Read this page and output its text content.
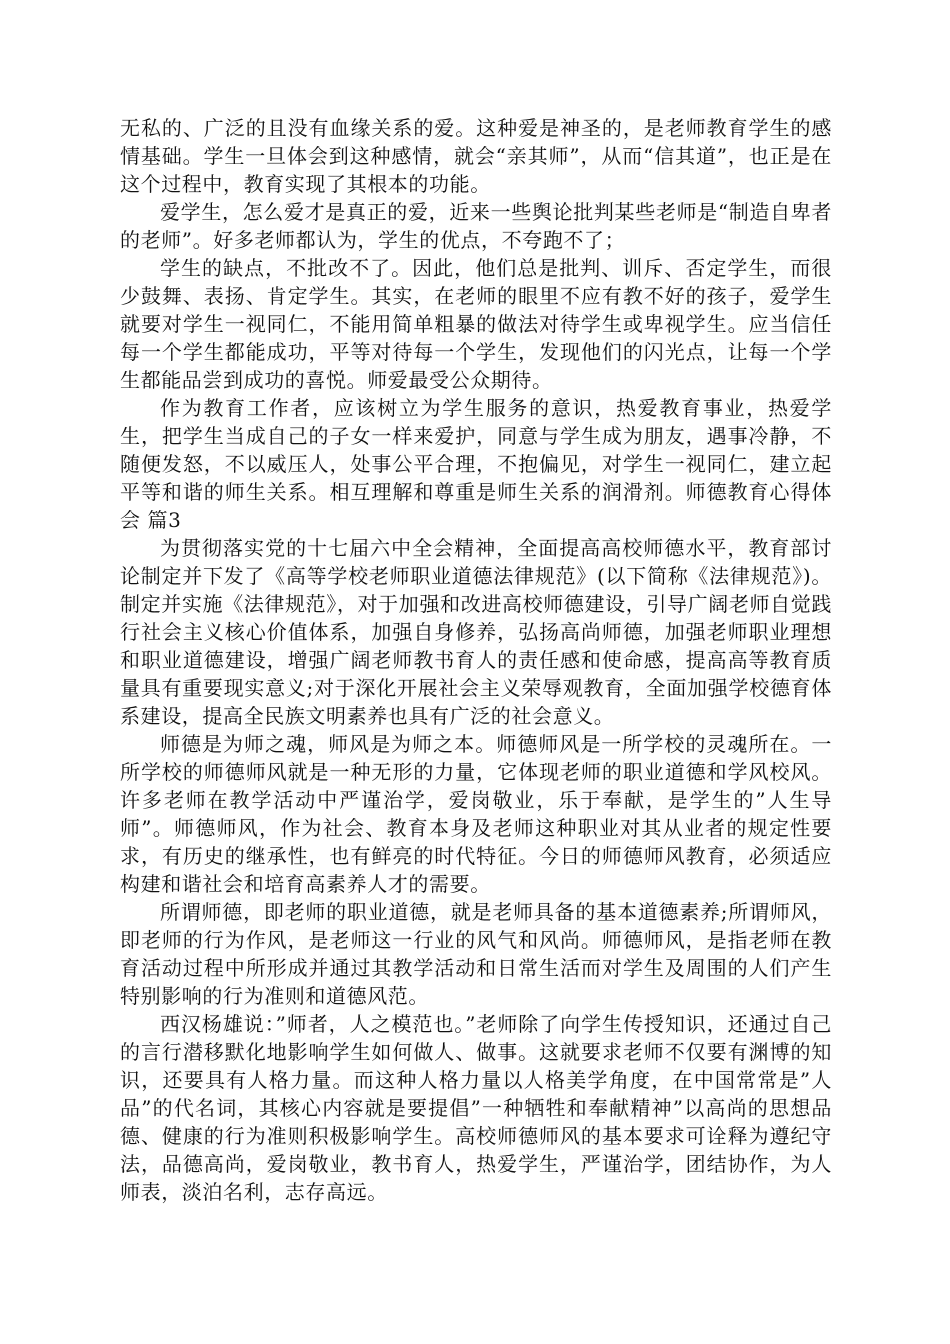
无私的、广泛的且没有血缘关系的爱。这种爱是神圣的，是老师教育学生的感情基础。学生一旦体会到这种感情，就会“亲其师”，从而“信其道”，也正是在这个过程中，教育实现了其根本的功能。

爱学生，怎么爱才是真正的爱，近来一些舆论批判某些老师是“制造自卑者的老师”。好多老师都认为，学生的优点，不夸跑不了；

学生的缺点，不批改不了。因此，他们总是批判、训斥、否定学生，而很少鼓舞、表扬、肯定学生。其实，在老师的眼里不应有教不好的孩子，爱学生就要对学生一视同仁，不能用简单粗暴的做法对待学生或卑视学生。应当信任每一个学生都能成功，平等对待每一个学生，发现他们的闪光点，让每一个学生都能品尝到成功的喜悦。师爱最受公众期待。

作为教育工作者，应该树立为学生服务的意识，热爱教育事业，热爱学生，把学生当成自己的子女一样来爱护，同意与学生成为朋友，遇事冷静，不随便发怒，不以威压人，处事公平合理，不抱偏见，对学生一视同仁，建立起平等和谐的师生关系。相互理解和尊重是师生关系的润滑剂。师德教育心得体会 篇3

为贯彻落实党的十七届六中全会精神，全面提高高校师德水平，教育部讨论制定并下发了《高等学校老师职业道德法律规范》(以下简称《法律规范》)。制定并实施《法律规范》，对于加强和改进高校师德建设，引导广阔老师自觉践行社会主义核心价值体系，加强自身修养，弘扬高尚师德，加强老师职业理想和职业道德建设，增强广阔老师教书育人的责任感和使命感，提高高等教育质量具有重要现实意义;对于深化开展社会主义荣辱观教育，全面加强学校德育体系建设，提高全民族文明素养也具有广泛的社会意义。

师德是为师之魂，师风是为师之本。师德师风是一所学校的灵魂所在。一所学校的师德师风就是一种无形的力量，它体现老师的职业道德和学风校风。许多老师在教学活动中严谨治学，爱岗敬业，乐于奉献，是学生的”人生导师”。师德师风，作为社会、教育本身及老师这种职业对其从业者的规定性要求，有历史的继承性，也有鲜亮的时代特征。今日的师德师风教育，必须适应构建和谐社会和培育高素养人才的需要。

所谓师德，即老师的职业道德，就是老师具备的基本道德素养;所谓师风，即老师的行为作风，是老师这一行业的风气和风尚。师德师风，是指老师在教育活动过程中所形成并通过其教学活动和日常生活而对学生及周围的人们产生特别影响的行为准则和道德风范。

西汉杨雄说：”师者，人之模范也。”老师除了向学生传授知识，还通过自己的言行潜移默化地影响学生如何做人、做事。这就要求老师不仅要有渊博的知识，还要具有人格力量。而这种人格力量以人格美学角度，在中国常常是”人品”的代名词，其核心内容就是要提倡”一种牺牲和奉献精神”以高尚的思想品德、健康的行为准则积极影响学生。高校师德师风的基本要求可诠释为遵纪守法，品德高尚，爱岗敬业，教书育人，热爱学生，严谨治学，团结协作，为人师表，淡泊名利，志存高远。
